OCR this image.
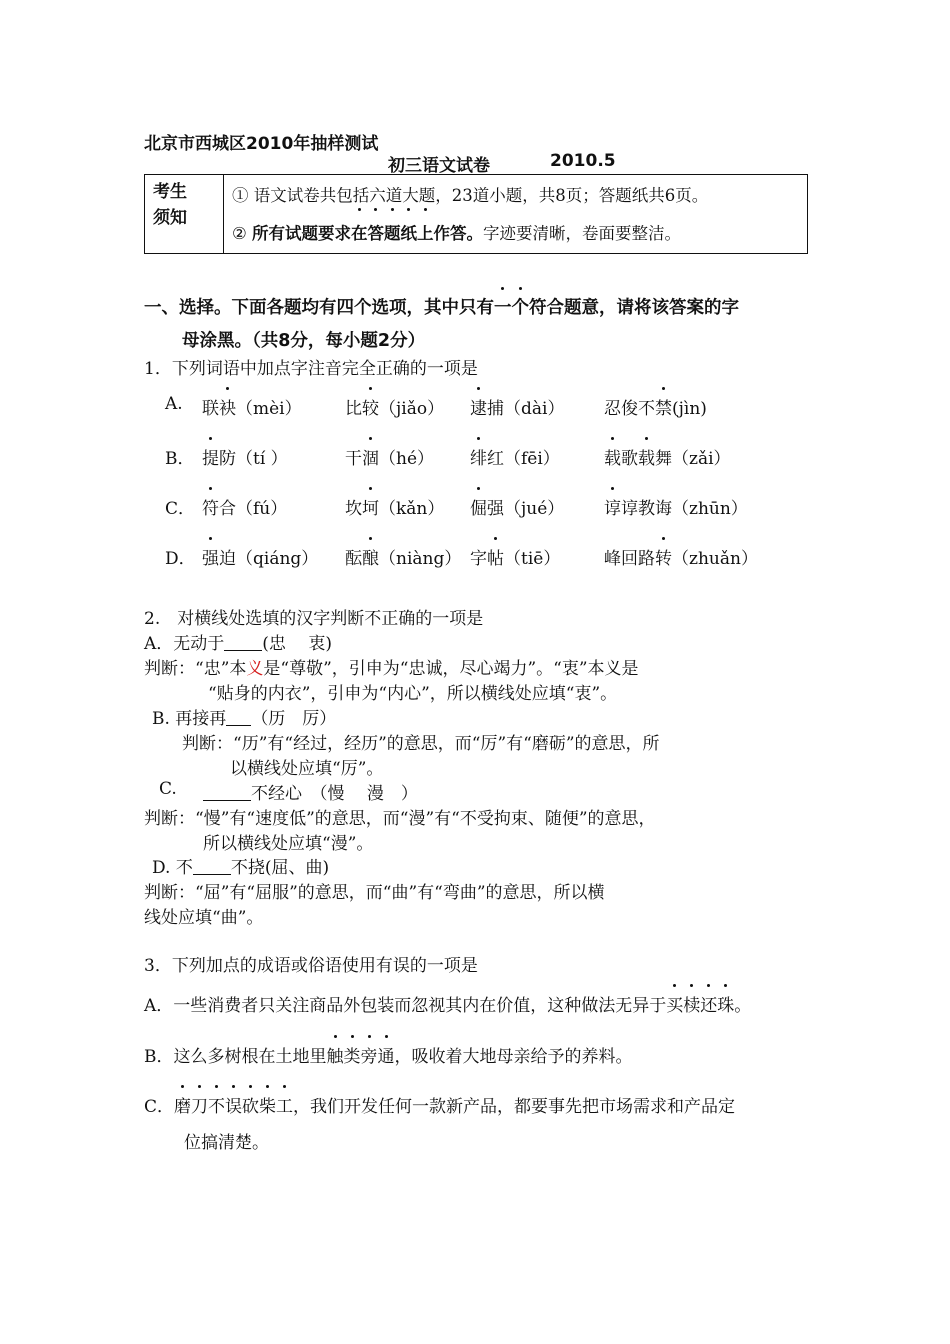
北京市西城区2010年抽样测试
初三语文试卷	2010.5
考生
须知

① 语文试卷共包括六道大题，23道小题，共8页；答题纸共6页。
② 所有试题要求在答题纸上作答。字迹要清晰，卷面要整洁。
一、选择。下面各题均有四个选项，其中只有一个符合题意，请将该答案的字
母涂黑。（共8分，每小题2分）
1．下列词语中加点字注音完全正确的一项是
A. 联袂（mèi）	比较（jiǎo） 逮捕（dài） 忍俊不禁(jìn)
B． 提防（tí ）	干涸（hé） 绯红（fēi）	载歌载舞（zǎi）
C． 符合（fú）	坎坷（kǎn） 倔强（jué） 谆谆教诲（zhūn）
D． 强迫（qiáng） 酝酿（niàng） 字帖（tiē）	峰回路转（zhuǎn）
2.　对横线处选填的汉字判断不正确的一项是
A．无动于 (忠　 衷)
判断：“忠”本义是“尊敬”，引申为“忠诚，尽心竭力”。“衷”本义是
“贴身的内衣”，引申为“内心”，所以横线处应填“衷”。
B. 再接再 （历　厉）
判断：“历”有“经过，经历”的意思，而“厉”有“磨砺”的意思，所
以横线处应填“厉”。
C.	不经心　（慢　 漫　）
判断：“慢”有“速度低”的意思，而“漫”有“不受拘束、随便”的意思，
所以横线处应填“漫”。
D. 不 不挠(屈、曲)
判断：“屈”有“屈服”的意思，而“曲”有“弯曲”的意思，所以横
线处应填“曲”。
3．下列加点的成语或俗语使用有误的一项是
A．一些消费者只关注商品外包装而忽视其内在价值，这种做法无异于买椟还珠。
B．这么多树根在土地里触类旁通，吸收着大地母亲给予的养料。
C．磨刀不误砍柴工，我们开发任何一款新产品，都要事先把市场需求和产品定
位搞清楚。
